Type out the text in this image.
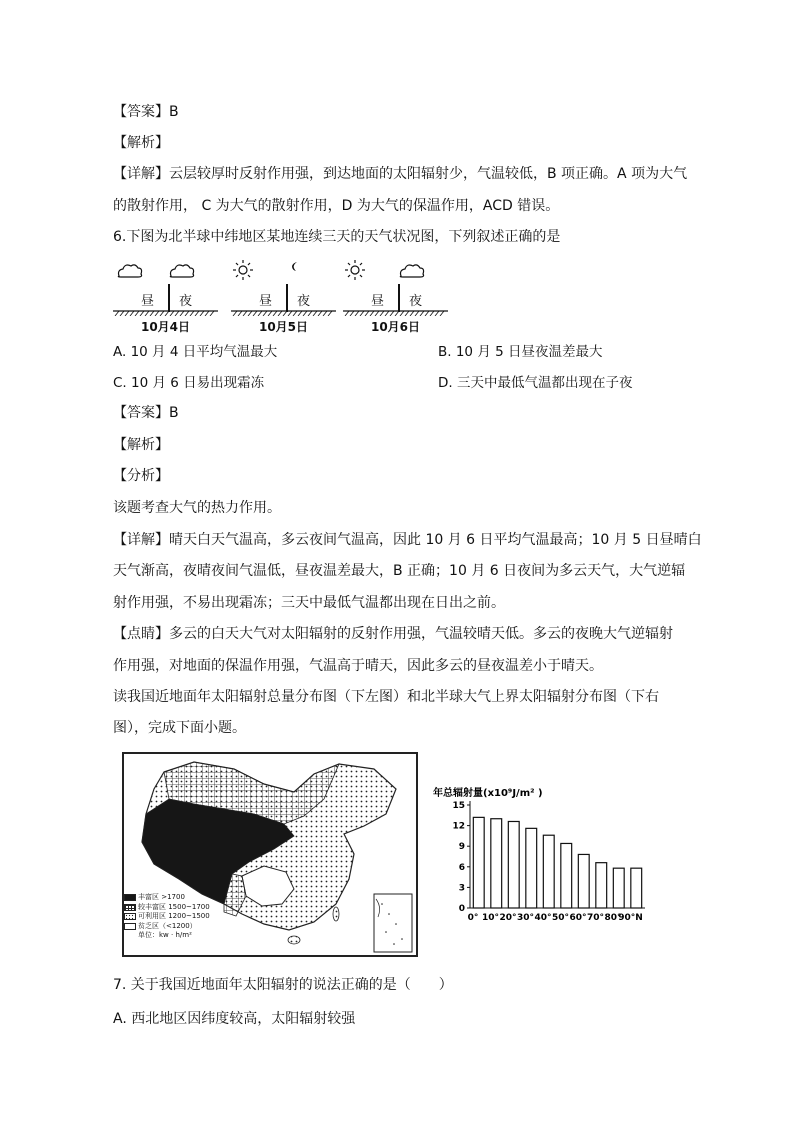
【答案】B
【解析】
【详解】云层较厚时反射作用强，到达地面的太阳辐射少，气温较低，B 项正确。A 项为大气
的散射作用， C 为大气的散射作用，D 为大气的保温作用，ACD 错误。
6.下图为北半球中纬地区某地连续三天的天气状况图，下列叙述正确的是
昼 夜
10月4日
昼 夜
10月5日
昼 夜
10月6日
A. 10 月 4 日平均气温最大	B. 10 月 5 日昼夜温差最大
C. 10 月 6 日易出现霜冻	D. 三天中最低气温都出现在子夜
【答案】B
【解析】
【分析】
该题考查大气的热力作用。
【详解】晴天白天气温高，多云夜间气温高，因此 10 月 6 日平均气温最高；10 月 5 日昼晴白
天气渐高，夜晴夜间气温低，昼夜温差最大，B 正确；10 月 6 日夜间为多云天气，大气逆辐
射作用强，不易出现霜冻；三天中最低气温都出现在日出之前。
【点睛】多云的白天大气对太阳辐射的反射作用强，气温较晴天低。多云的夜晚大气逆辐射
作用强，对地面的保温作用强，气温高于晴天，因此多云的昼夜温差小于晴天。
读我国近地面年太阳辐射总量分布图（下左图）和北半球大气上界太阳辐射分布图（下右
图），完成下面小题。
丰富区 >1700
较丰富区 1500~1700
可利用区 1200~1500
贫乏区（<1200）
单位：kw · h/m²
年总辐射量(x10⁹J/m² )
0
3
6
9
12
15
0° 10° 20° 30° 40° 50° 60° 70° 80°
90°N
7. 关于我国近地面年太阳辐射的说法正确的是（　　）
A. 西北地区因纬度较高，太阳辐射较强
